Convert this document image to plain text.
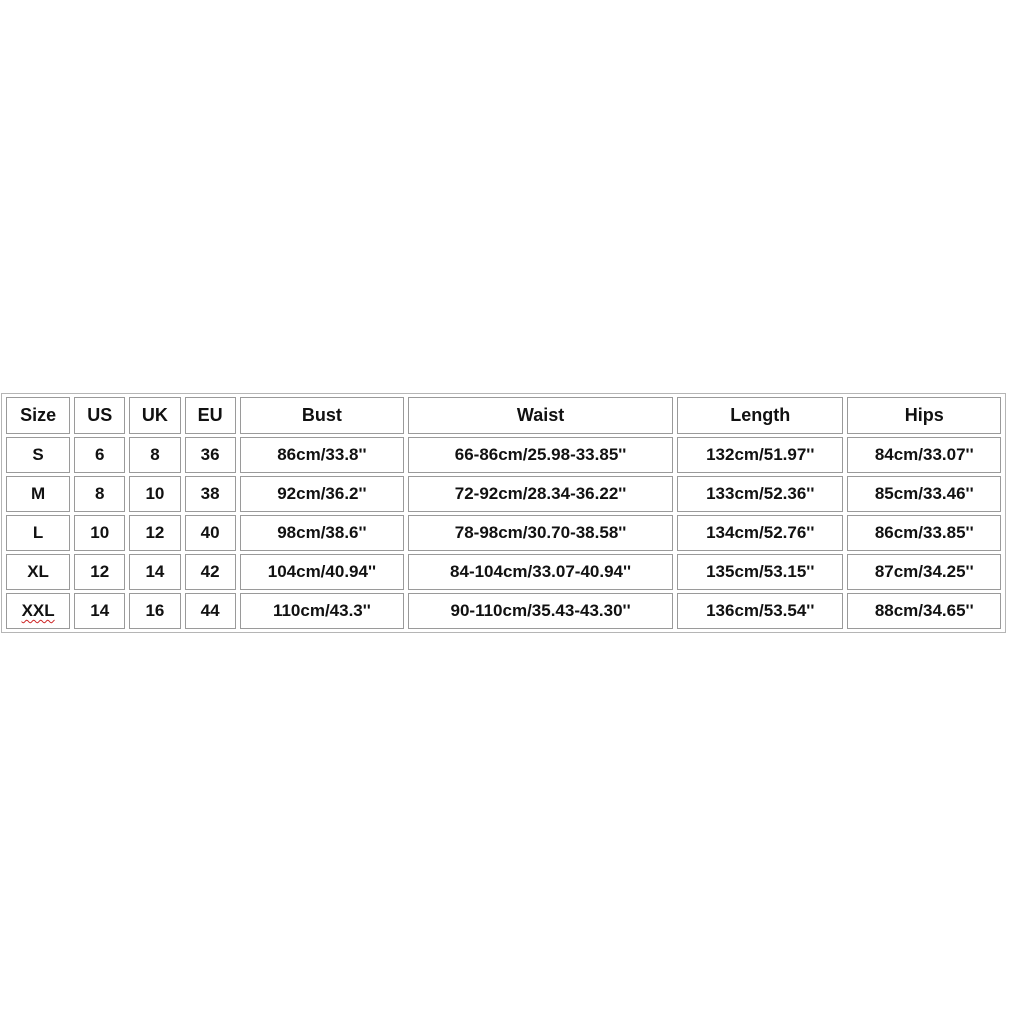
Size	US	UK	EU	Bust	Waist	Length	Hips
S	6	8	36	86cm/33.8''	66-86cm/25.98-33.85''	132cm/51.97''	84cm/33.07''
M	8	10	38	92cm/36.2''	72-92cm/28.34-36.22''	133cm/52.36''	85cm/33.46''
L	10	12	40	98cm/38.6''	78-98cm/30.70-38.58''	134cm/52.76''	86cm/33.85''
XL	12	14	42	104cm/40.94''	84-104cm/33.07-40.94''	135cm/53.15''	87cm/34.25''
XXL	14	16	44	110cm/43.3''	90-110cm/35.43-43.30''	136cm/53.54''	88cm/34.65''
